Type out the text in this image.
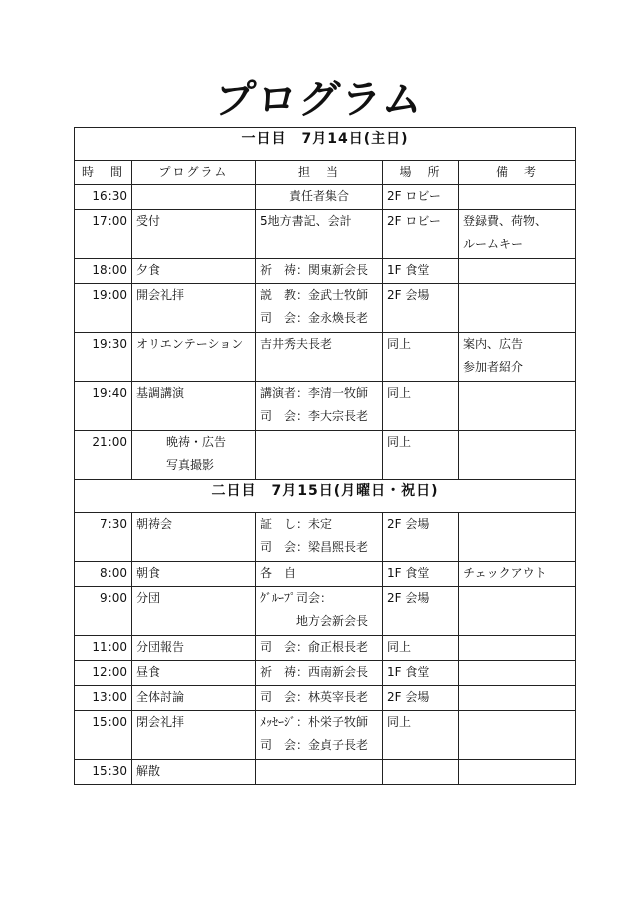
プログラム
一日目　7月14日(主日)				
時　間	プログラム	担　当	場　所	備　考
16:30		責任者集合	2F ロビー	

17:00	受付	5地方書記、会計	2F ロビー	登録費、荷物、
ルームキー

18:00	夕食	祈　祷：関東新会長	1F 食堂	

19:00	開会礼拝	説　教：金武士牧師
司　会：金永煥長老	2F 会場	

19:30	オリエンテーション	吉井秀夫長老	同上	案内、広告
参加者紹介

19:40	基調講演	講演者：李清一牧師
司　会：李大宗長老	同上	

21:00	晩祷・広告
写真撮影		同上	

二日目　7月15日(月曜日・祝日)				
7:30	朝祷会	証　し：未定
司　会：梁昌熙長老	2F 会場	

8:00	朝食	各　自	1F 食堂	チェックアウト

9:00	分団	ｸﾞﾙｰﾌﾟ司会：
地方会新会長	2F 会場	

11:00	分団報告	司　会：俞正根長老	同上	

12:00	昼食	祈　祷：西南新会長	1F 食堂	

13:00	全体討論	司　会：林英宰長老	2F 会場	

15:00	閉会礼拝	ﾒｯｾｰｼﾞ：朴栄子牧師
司　会：金貞子長老	同上	

15:30	解散			
